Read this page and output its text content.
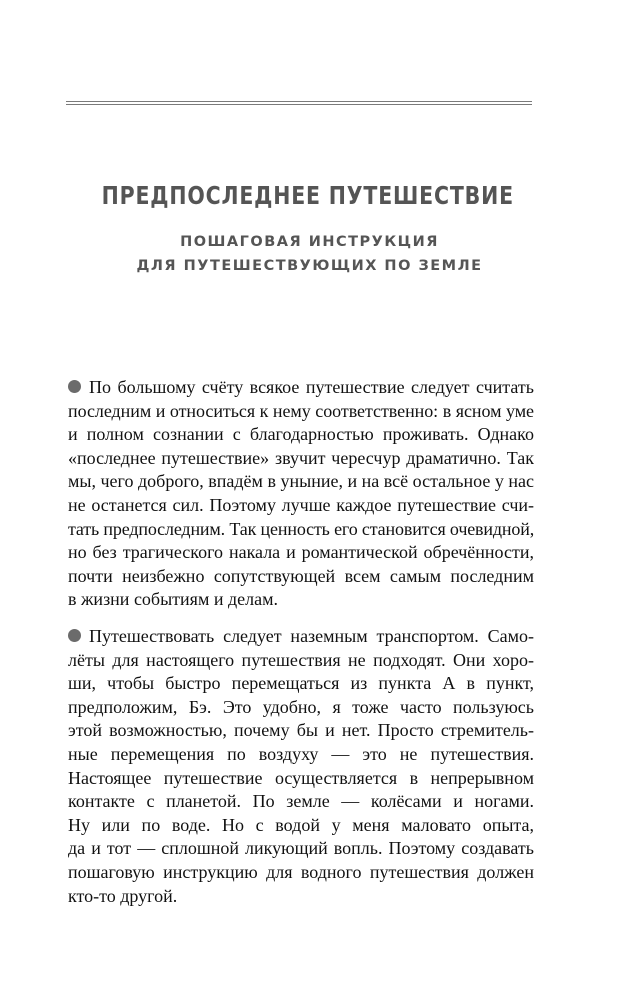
ПРЕДПОСЛЕДНЕЕ ПУТЕШЕСТВИЕ
ПОШАГОВАЯ ИНСТРУКЦИЯ
ДЛЯ ПУТЕШЕСТВУЮЩИХ ПО ЗЕМЛЕ
По большому счёту всякое путешествие следует считать
последним и относиться к нему соответственно: в ясном уме
и полном сознании с благодарностью проживать. Однако
«последнее путешествие» звучит чересчур драматично. Так
мы, чего доброго, впадём в уныние, и на всё остальное у нас
не останется сил. Поэтому лучше каждое путешествие счи-
тать предпоследним. Так ценность его становится очевидной,
но без трагического накала и романтической обречённости,
почти неизбежно сопутствующей всем самым последним
в жизни событиям и делам.
Путешествовать следует наземным транспортом. Само-
лёты для настоящего путешествия не подходят. Они хоро-
ши, чтобы быстро перемещаться из пункта А в пункт,
предположим, Бэ. Это удобно, я тоже часто пользуюсь
этой возможностью, почему бы и нет. Просто стремитель-
ные перемещения по воздуху — это не путешествия.
Настоящее путешествие осуществляется в непрерывном
контакте с планетой. По земле — колёсами и ногами.
Ну или по воде. Но с водой у меня маловато опыта,
да и тот — сплошной ликующий вопль. Поэтому создавать
пошаговую инструкцию для водного путешествия должен
кто-то другой.
